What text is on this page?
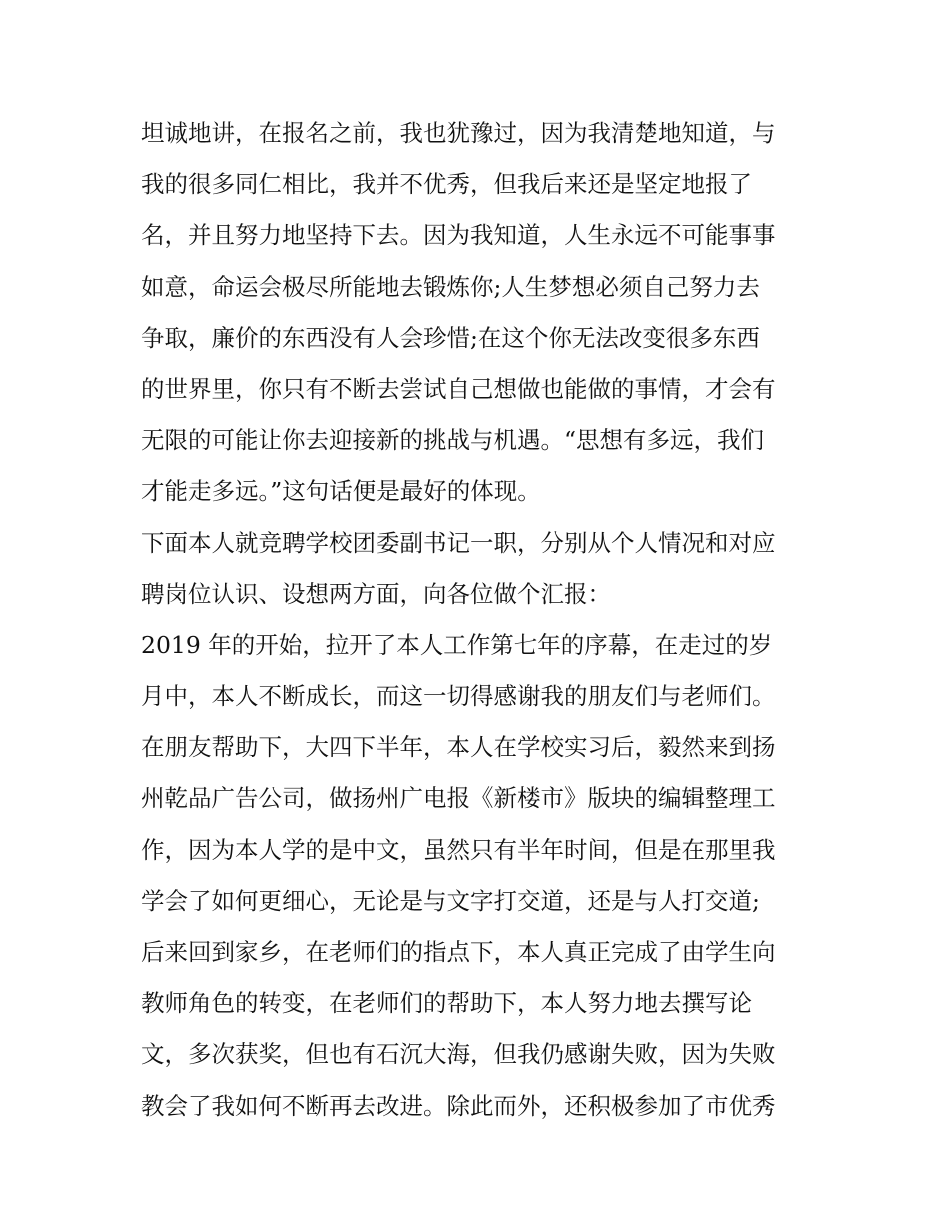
坦诚地讲，在报名之前，我也犹豫过，因为我清楚地知道，与
我的很多同仁相比，我并不优秀，但我后来还是坚定地报了
名，并且努力地坚持下去。因为我知道，人生永远不可能事事
如意，命运会极尽所能地去锻炼你;人生梦想必须自己努力去
争取，廉价的东西没有人会珍惜;在这个你无法改变很多东西
的世界里，你只有不断去尝试自己想做也能做的事情，才会有
无限的可能让你去迎接新的挑战与机遇。“思想有多远，我们
才能走多远。”这句话便是最好的体现。
下面本人就竞聘学校团委副书记一职，分别从个人情况和对应
聘岗位认识、设想两方面，向各位做个汇报：
2019 年的开始，拉开了本人工作第七年的序幕，在走过的岁
月中，本人不断成长，而这一切得感谢我的朋友们与老师们。
在朋友帮助下，大四下半年，本人在学校实习后，毅然来到扬
州乾品广告公司，做扬州广电报《新楼市》版块的编辑整理工
作，因为本人学的是中文，虽然只有半年时间，但是在那里我
学会了如何更细心，无论是与文字打交道，还是与人打交道;
后来回到家乡，在老师们的指点下，本人真正完成了由学生向
教师角色的转变，在老师们的帮助下，本人努力地去撰写论
文，多次获奖，但也有石沉大海，但我仍感谢失败，因为失败
教会了我如何不断再去改进。除此而外，还积极参加了市优秀
